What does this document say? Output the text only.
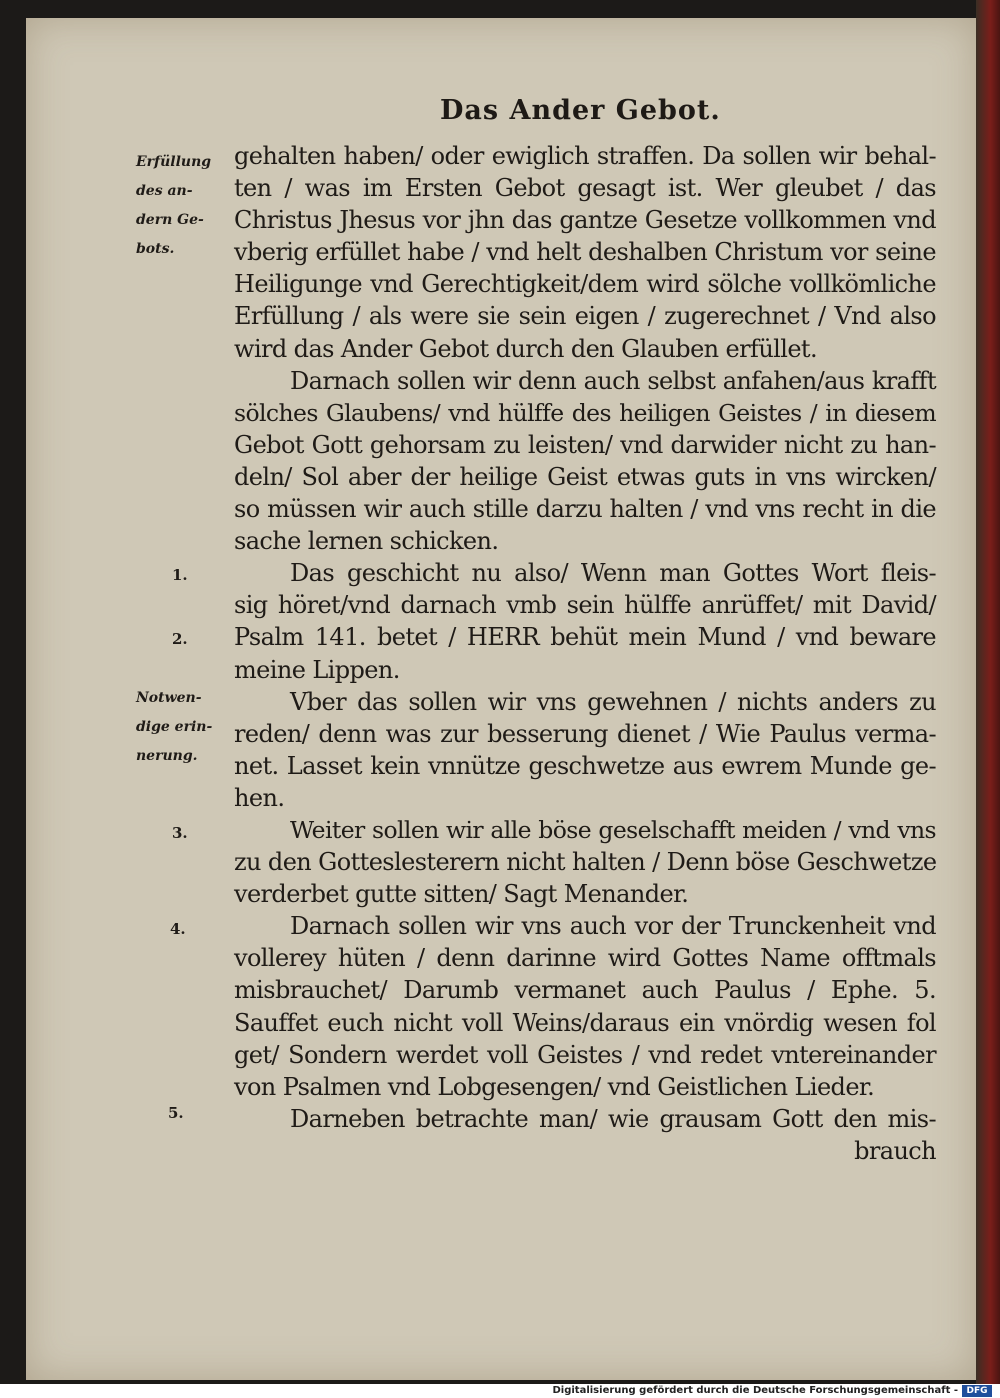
Das Ander Gebot.
Erfüllung
des an-
dern Ge-
bots.
Notwen-
dige erin-
nerung.
1.
2.
3.
4.
5.
gehalten haben/ oder ewiglich straffen. Da sollen wir behal-
ten / was im Ersten Gebot gesagt ist. Wer gleubet / das
Christus Jhesus vor jhn das gantze Gesetze vollkommen vnd
vberig erfüllet habe / vnd helt deshalben Christum vor seine
Heiligunge vnd Gerechtigkeit/dem wird sölche vollkömliche
Erfüllung / als were sie sein eigen / zugerechnet / Vnd also
wird das Ander Gebot durch den Glauben erfüllet.
Darnach sollen wir denn auch selbst anfahen/aus krafft
sölches Glaubens/ vnd hülffe des heiligen Geistes / in diesem
Gebot Gott gehorsam zu leisten/ vnd darwider nicht zu han-
deln/ Sol aber der heilige Geist etwas guts in vns wircken/
so müssen wir auch stille darzu halten / vnd vns recht in die
sache lernen schicken.
Das geschicht nu also/ Wenn man Gottes Wort fleis-
sig höret/vnd darnach vmb sein hülffe anrüffet/ mit David/
Psalm 141. betet / HERR behüt mein Mund / vnd beware
meine Lippen.
Vber das sollen wir vns gewehnen / nichts anders zu
reden/ denn was zur besserung dienet / Wie Paulus verma-
net. Lasset kein vnnütze geschwetze aus ewrem Munde ge-
hen.
Weiter sollen wir alle böse geselschafft meiden / vnd vns
zu den Gotteslesterern nicht halten / Denn böse Geschwetze
verderbet gutte sitten/ Sagt Menander.
Darnach sollen wir vns auch vor der Trunckenheit vnd
vollerey hüten / denn darinne wird Gottes Name offtmals
misbrauchet/ Darumb vermanet auch Paulus / Ephe. 5.
Sauffet euch nicht voll Weins/daraus ein vnördig wesen fol
get/ Sondern werdet voll Geistes / vnd redet vntereinander
von Psalmen vnd Lobgesengen/ vnd Geistlichen Lieder.
Darneben betrachte man/ wie grausam Gott den mis-
brauch
Digitalisierung gefördert durch die Deutsche Forschungsgemeinschaft - DFG
